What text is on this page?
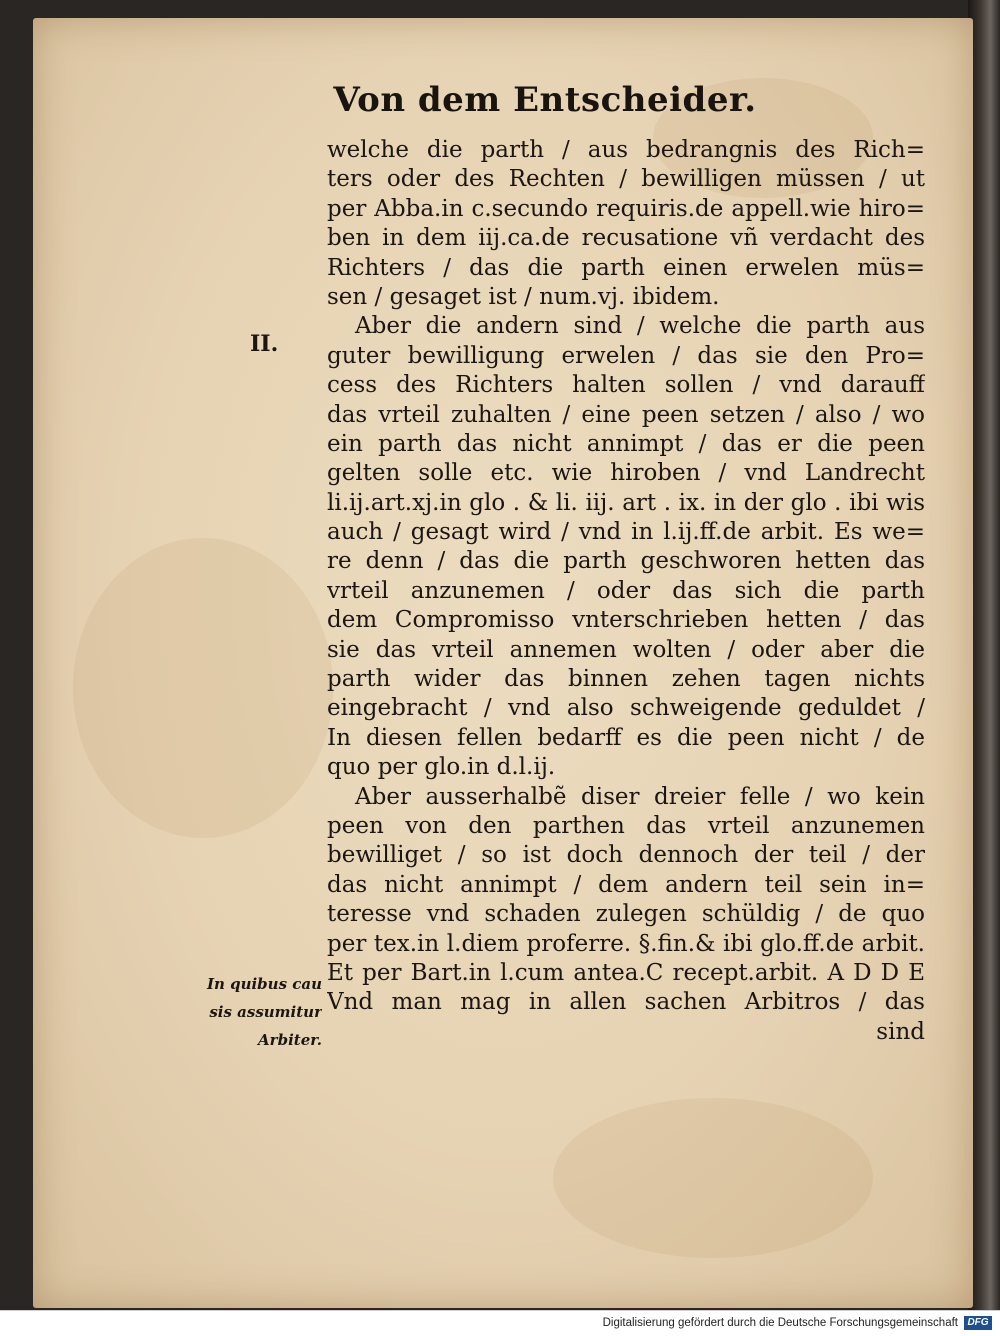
Von dem Entscheider.
II.
In quibus cau
sis assumitur
Arbiter.
welche die parth / aus bedrangnis des Rich=
ters oder des Rechten / bewilligen müssen / ut
per Abba.in c.secundo requiris.de appell.wie hiro=
ben in dem iij.ca.de recusatione vñ verdacht des
Richters / das die parth einen erwelen müs=
sen / gesaget ist / num.vj. ibidem.
Aber die andern sind / welche die parth aus
guter bewilligung erwelen / das sie den Pro=
cess des Richters halten sollen / vnd darauff
das vrteil zuhalten / eine peen setzen / also / wo
ein parth das nicht annimpt / das er die peen
gelten solle etc. wie hiroben / vnd Landrecht
li.ij.art.xj.in glo . & li. iij. art . ix. in der glo . ibi wis
auch / gesagt wird / vnd in l.ij.ff.de arbit. Es we=
re denn / das die parth geschworen hetten das
vrteil anzunemen / oder das sich die parth
dem Compromisso vnterschrieben hetten / das
sie das vrteil annemen wolten / oder aber die
parth wider das binnen zehen tagen nichts
eingebracht / vnd also schweigende geduldet /
In diesen fellen bedarff es die peen nicht / de
quo per glo.in d.l.ij.
Aber ausserhalbẽ diser dreier felle / wo kein
peen von den parthen das vrteil anzunemen
bewilliget / so ist doch dennoch der teil / der
das nicht annimpt / dem andern teil sein in=
teresse vnd schaden zulegen schüldig / de quo
per tex.in l.diem proferre. §.fin.& ibi glo.ff.de arbit.
Et per Bart.in l.cum antea.C recept.arbit. A D D E
Vnd man mag in allen sachen Arbitros / das
sind
Digitalisierung gefördert durch die Deutsche Forschungsgemeinschaft DFG
